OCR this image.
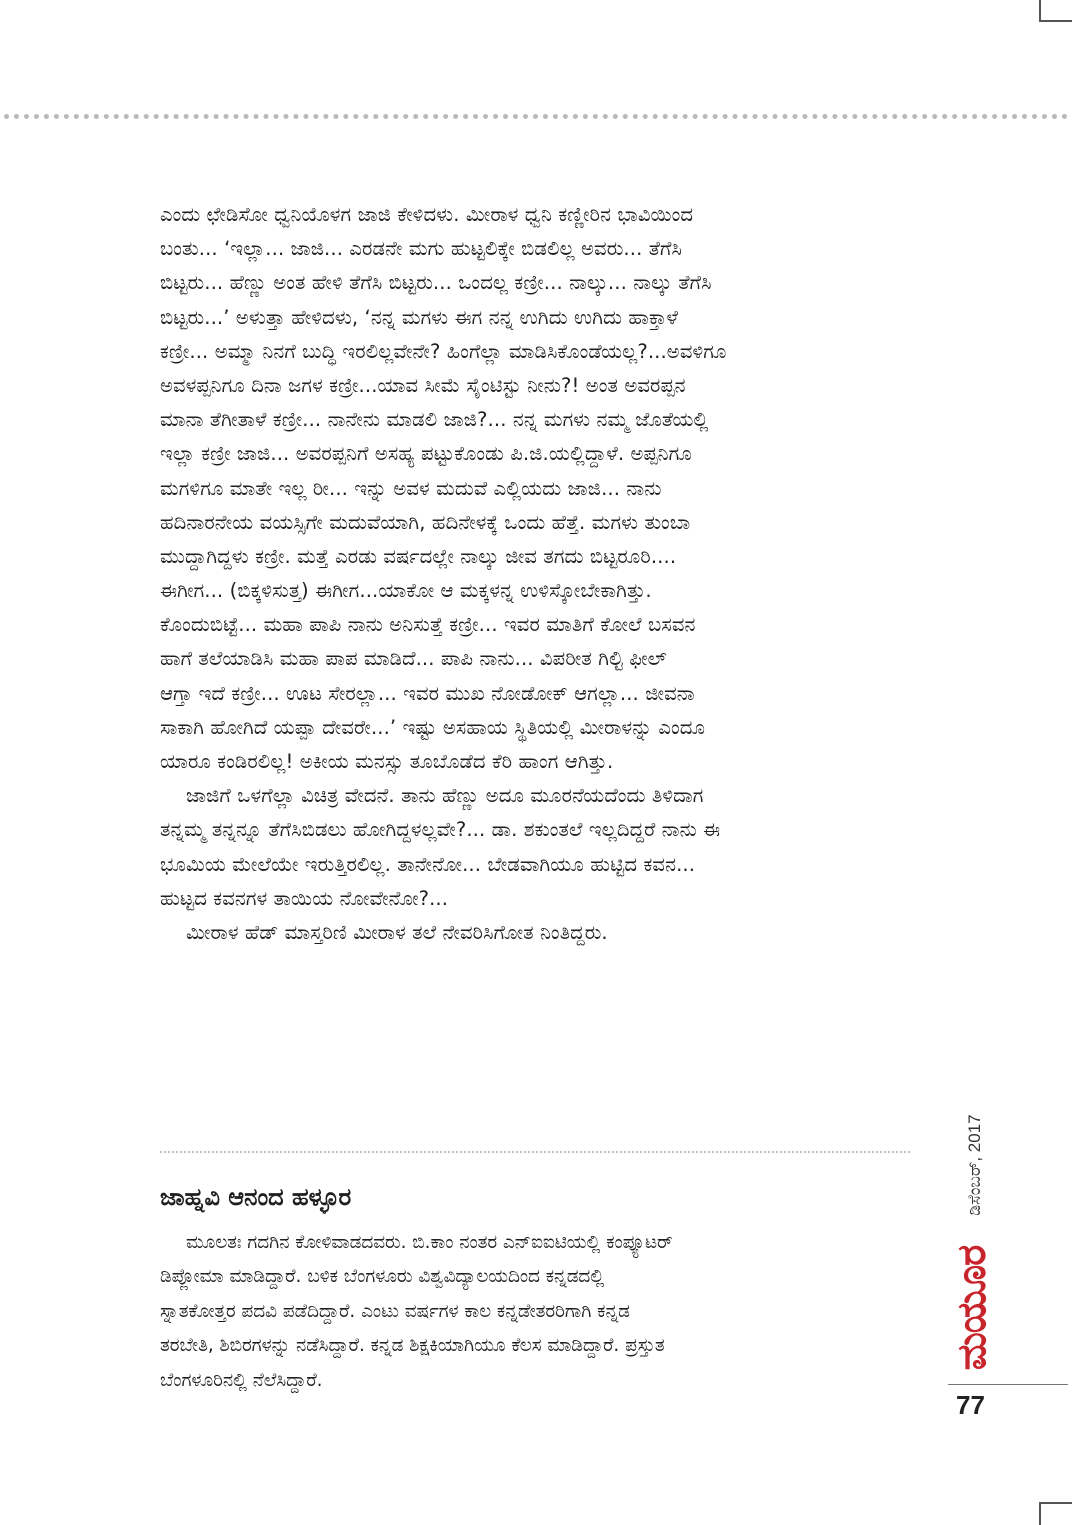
ಎಂದು ಛೇಡಿಸೋ ಧ್ವನಿಯೊಳಗ ಜಾಜಿ ಕೇಳಿದಳು. ಮೀರಾಳ ಧ್ವನಿ ಕಣ್ಣೀರಿನ ಭಾವಿಯಿಂದ
ಬಂತು... ‘ಇಲ್ಲಾ... ಜಾಜಿ... ಎರಡನೇ ಮಗು ಹುಟ್ಟಲಿಕ್ಕೇ ಬಿಡಲಿಲ್ಲ ಅವರು... ತೆಗೆಸಿ
ಬಿಟ್ಟರು... ಹೆಣ್ಣು ಅಂತ ಹೇಳಿ ತೆಗೆಸಿ ಬಿಟ್ಟರು... ಒಂದಲ್ಲ ಕಣ್ರೀ... ನಾಲ್ಕು... ನಾಲ್ಕು ತೆಗೆಸಿ
ಬಿಟ್ಟರು...’ ಅಳುತ್ತಾ ಹೇಳಿದಳು, ‘ನನ್ನ ಮಗಳು ಈಗ ನನ್ನ ಉಗಿದು ಉಗಿದು ಹಾಕ್ತಾಳೆ
ಕಣ್ರೀ... ಅಮ್ಮಾ ನಿನಗೆ ಬುದ್ಧಿ ಇರಲಿಲ್ಲವೇನೇ? ಹಿಂಗೆಲ್ಲಾ ಮಾಡಿಸಿಕೊಂಡೆಯಲ್ಲ?...ಅವಳಿಗೂ
ಅವಳಪ್ಪನಿಗೂ ದಿನಾ ಜಗಳ ಕಣ್ರೀ...ಯಾವ ಸೀಮೆ ಸೈಂಟಿಸ್ಟು ನೀನು?! ಅಂತ ಅವರಪ್ಪನ
ಮಾನಾ ತೆಗೀತಾಳೆ ಕಣ್ರೀ... ನಾನೇನು ಮಾಡಲಿ ಜಾಜಿ?... ನನ್ನ ಮಗಳು ನಮ್ಮ ಜೊತೆಯಲ್ಲಿ
ಇಲ್ಲಾ ಕಣ್ರೀ ಜಾಜಿ... ಅವರಪ್ಪನಿಗೆ ಅಸಹ್ಯ ಪಟ್ಟುಕೊಂಡು ಪಿ.ಜಿ.ಯಲ್ಲಿದ್ದಾಳೆ. ಅಪ್ಪನಿಗೂ
ಮಗಳಿಗೂ ಮಾತೇ ಇಲ್ಲ ರೀ... ಇನ್ನು ಅವಳ ಮದುವೆ ಎಲ್ಲಿಯದು ಜಾಜಿ... ನಾನು
ಹದಿನಾರನೇಯ ವಯಸ್ಸಿಗೇ ಮದುವೆಯಾಗಿ, ಹದಿನೇಳಕ್ಕೆ ಒಂದು ಹೆತ್ತೆ. ಮಗಳು ತುಂಬಾ
ಮುದ್ದಾಗಿದ್ದಳು ಕಣ್ರೀ. ಮತ್ತೆ ಎರಡು ವರ್ಷದಲ್ಲೇ ನಾಲ್ಕು ಜೀವ ತಗದು ಬಿಟ್ಟರೂರಿ....
ಈಗೀಗ... (ಬಿಕ್ಕಳಿಸುತ್ತ) ಈಗೀಗ...ಯಾಕೋ ಆ ಮಕ್ಕಳನ್ನ ಉಳಿಸ್ಕೋಬೇಕಾಗಿತ್ತು.
ಕೊಂದುಬಿಟ್ಟೆ... ಮಹಾ ಪಾಪಿ ನಾನು ಅನಿಸುತ್ತೆ ಕಣ್ರೀ... ಇವರ ಮಾತಿಗೆ ಕೋಲೆ ಬಸವನ
ಹಾಗೆ ತಲೆಯಾಡಿಸಿ ಮಹಾ ಪಾಪ ಮಾಡಿದೆ... ಪಾಪಿ ನಾನು... ವಿಪರೀತ ಗಿಲ್ಟಿ ಫೀಲ್
ಆಗ್ತಾ ಇದೆ ಕಣ್ರೀ... ಊಟ ಸೇರಲ್ಲಾ... ಇವರ ಮುಖ ನೋಡೋಕ್ ಆಗಲ್ಲಾ... ಜೀವನಾ
ಸಾಕಾಗಿ ಹೋಗಿದೆ ಯಪ್ಪಾ ದೇವರೇ...’ ಇಷ್ಟು ಅಸಹಾಯ ಸ್ಥಿತಿಯಲ್ಲಿ ಮೀರಾಳನ್ನು ಎಂದೂ
ಯಾರೂ ಕಂಡಿರಲಿಲ್ಲ! ಅಕೀಯ ಮನಸ್ಸು ತೂಬೊಡೆದ ಕೆರಿ ಹಾಂಗ ಆಗಿತ್ತು.
ಜಾಜಿಗೆ ಒಳಗೆಲ್ಲಾ ವಿಚಿತ್ರ ವೇದನೆ. ತಾನು ಹೆಣ್ಣು ಅದೂ ಮೂರನೆಯದೆಂದು ತಿಳಿದಾಗ
ತನ್ನಮ್ಮ ತನ್ನನ್ನೂ ತೆಗೆಸಿಬಿಡಲು ಹೋಗಿದ್ದಳಲ್ಲವೇ?... ಡಾ. ಶಕುಂತಲೆ ಇಲ್ಲದಿದ್ದರೆ ನಾನು ಈ
ಭೂಮಿಯ ಮೇಲೆಯೇ ಇರುತ್ತಿರಲಿಲ್ಲ. ತಾನೇನೋ... ಬೇಡವಾಗಿಯೂ ಹುಟ್ಟಿದ ಕವನ...
ಹುಟ್ಟದ ಕವನಗಳ ತಾಯಿಯ ನೋವೇನೋ?...
ಮೀರಾಳ ಹೆಡ್ ಮಾಸ್ತರಿಣಿ ಮೀರಾಳ ತಲೆ ನೇವರಿಸಿಗೋತ ನಿಂತಿದ್ದರು.
ಜಾಹ್ನವಿ ಆನಂದ ಹಳ್ಳೂರ
ಮೂಲತಃ ಗದಗಿನ ಕೋಳಿವಾಡದವರು. ಬಿ.ಕಾಂ ನಂತರ ಎನ್‌ಐಐಟಿಯಲ್ಲಿ ಕಂಪ್ಯೂಟರ್
ಡಿಪ್ಲೋಮಾ ಮಾಡಿದ್ದಾರೆ. ಬಳಿಕ ಬೆಂಗಳೂರು ವಿಶ್ವವಿದ್ಯಾಲಯದಿಂದ ಕನ್ನಡದಲ್ಲಿ
ಸ್ನಾತಕೋತ್ತರ ಪದವಿ ಪಡೆದಿದ್ದಾರೆ. ಎಂಟು ವರ್ಷಗಳ ಕಾಲ ಕನ್ನಡೇತರರಿಗಾಗಿ ಕನ್ನಡ
ತರಬೇತಿ, ಶಿಬಿರಗಳನ್ನು ನಡೆಸಿದ್ದಾರೆ. ಕನ್ನಡ ಶಿಕ್ಷಕಿಯಾಗಿಯೂ ಕೆಲಸ ಮಾಡಿದ್ದಾರೆ. ಪ್ರಸ್ತುತ
ಬೆಂಗಳೂರಿನಲ್ಲಿ ನೆಲೆಸಿದ್ದಾರೆ.
ಡಿಸೆಂಬರ್, 2017
ಮಯೂರ
77
